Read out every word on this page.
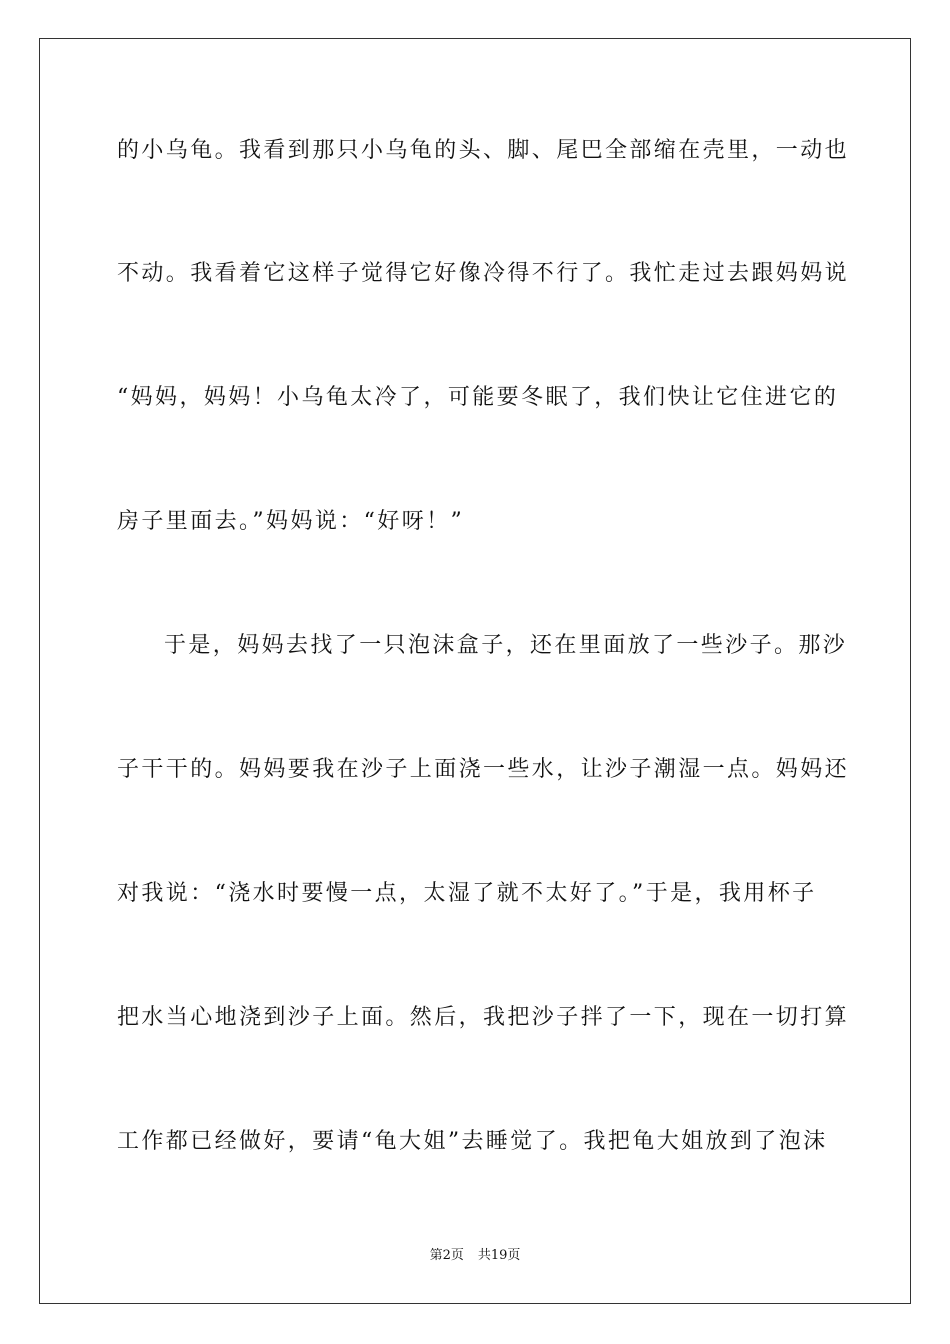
的小乌龟。我看到那只小乌龟的头、脚、尾巴全部缩在壳里，一动也
不动。我看着它这样子觉得它好像冷得不行了。我忙走过去跟妈妈说
“妈妈，妈妈！小乌龟太冷了，可能要冬眠了，我们快让它住进它的
房子里面去。”妈妈说：“好呀！”
于是，妈妈去找了一只泡沫盒子，还在里面放了一些沙子。那沙
子干干的。妈妈要我在沙子上面浇一些水，让沙子潮湿一点。妈妈还
对我说：“浇水时要慢一点，太湿了就不太好了。”于是，我用杯子
把水当心地浇到沙子上面。然后，我把沙子拌了一下，现在一切打算
工作都已经做好，要请“龟大姐”去睡觉了。我把龟大姐放到了泡沫
第2页 共19页
